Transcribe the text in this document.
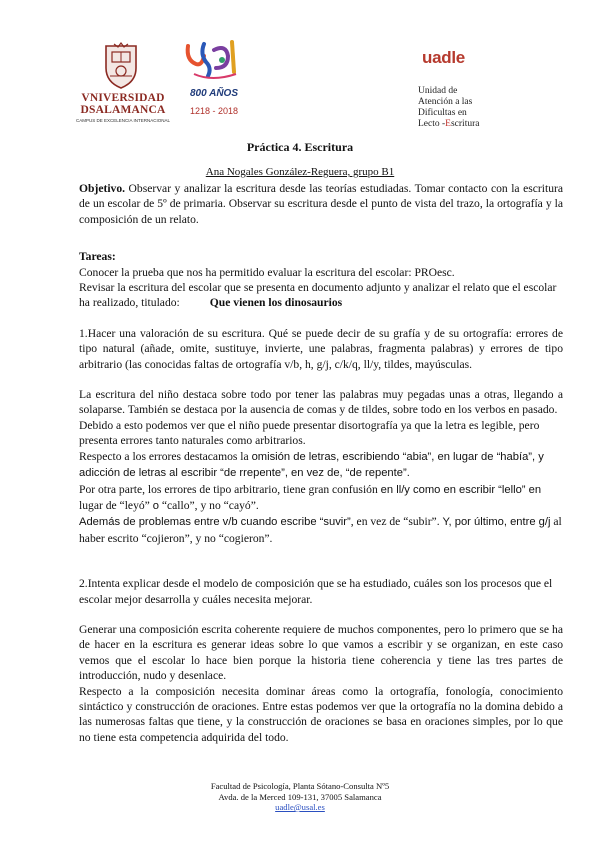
VNIVERSIDAD
DSALAMANCA
CAMPUS DE EXCELENCIA INTERNACIONAL
800 AÑOS
1218 - 2018
uadle
Unidad de
Atención a las
Dificultas en
Lecto -Escritura
Práctica 4. Escritura
Ana Nogales González-Reguera, grupo B1

Objetivo. Observar y analizar la escritura desde las teorías estudiadas. Tomar contacto con la escritura de un escolar de 5º de primaria. Observar su escritura desde el punto de vista del trazo, la ortografía y la composición de un relato.

Tareas:

Conocer la prueba que nos ha permitido evaluar la escritura del escolar: PROesc.

Revisar la escritura del escolar que se presenta en documento adjunto y analizar el relato que el escolar ha realizado, titulado:	Que vienen los dinosaurios

1.Hacer una valoración de su escritura. Qué se puede decir de su grafía y de su ortografía: errores de tipo natural (añade, omite, sustituye, invierte, une palabras, fragmenta palabras) y errores de tipo arbitrario (las conocidas faltas de ortografía v/b, h, g/j, c/k/q, ll/y, tildes, mayúsculas.

La escritura del niño destaca sobre todo por tener las palabras muy pegadas unas a otras, llegando a solaparse. También se destaca por la ausencia de comas y de tildes, sobre todo en los verbos en pasado.

Debido a esto podemos ver que el niño puede presentar disortografía ya que la letra es legible, pero presenta errores tanto naturales como arbitrarios.

Respecto a los errores destacamos la omisión de letras, escribiendo “abia”, en lugar de “había”, y adicción de letras al escribir “de rrepente”, en vez de, “de repente”.

Por otra parte, los errores de tipo arbitrario, tiene gran confusión en ll/y como en escribir “lello” en lugar de “leyó” o “callo”, y no “cayó”.

Además de problemas entre v/b cuando escribe “suvir”, en vez de “subir”. Y, por último, entre g/j al haber escrito “cojieron”, y no “cogieron”.

2.Intenta explicar desde el modelo de composición que se ha estudiado, cuáles son los procesos que el escolar mejor desarrolla y cuáles necesita mejorar.

Generar una composición escrita coherente requiere de muchos componentes, pero lo primero que se ha de hacer en la escritura es generar ideas sobre lo que vamos a escribir y se organizan, en este caso vemos que el escolar lo hace bien porque la historia tiene coherencia y tiene las tres partes de introducción, nudo y desenlace.

Respecto a la composición necesita dominar áreas como la ortografía, fonología, conocimiento sintáctico y construcción de oraciones. Entre estas podemos ver que la ortografía no la domina debido a las numerosas faltas que tiene, y la construcción de oraciones se basa en oraciones simples, por lo que no tiene esta competencia adquirida del todo.

Facultad de Psicología, Planta Sótano-Consulta Nº5
Avda. de la Merced 109-131, 37005 Salamanca
uadle@usal.es
